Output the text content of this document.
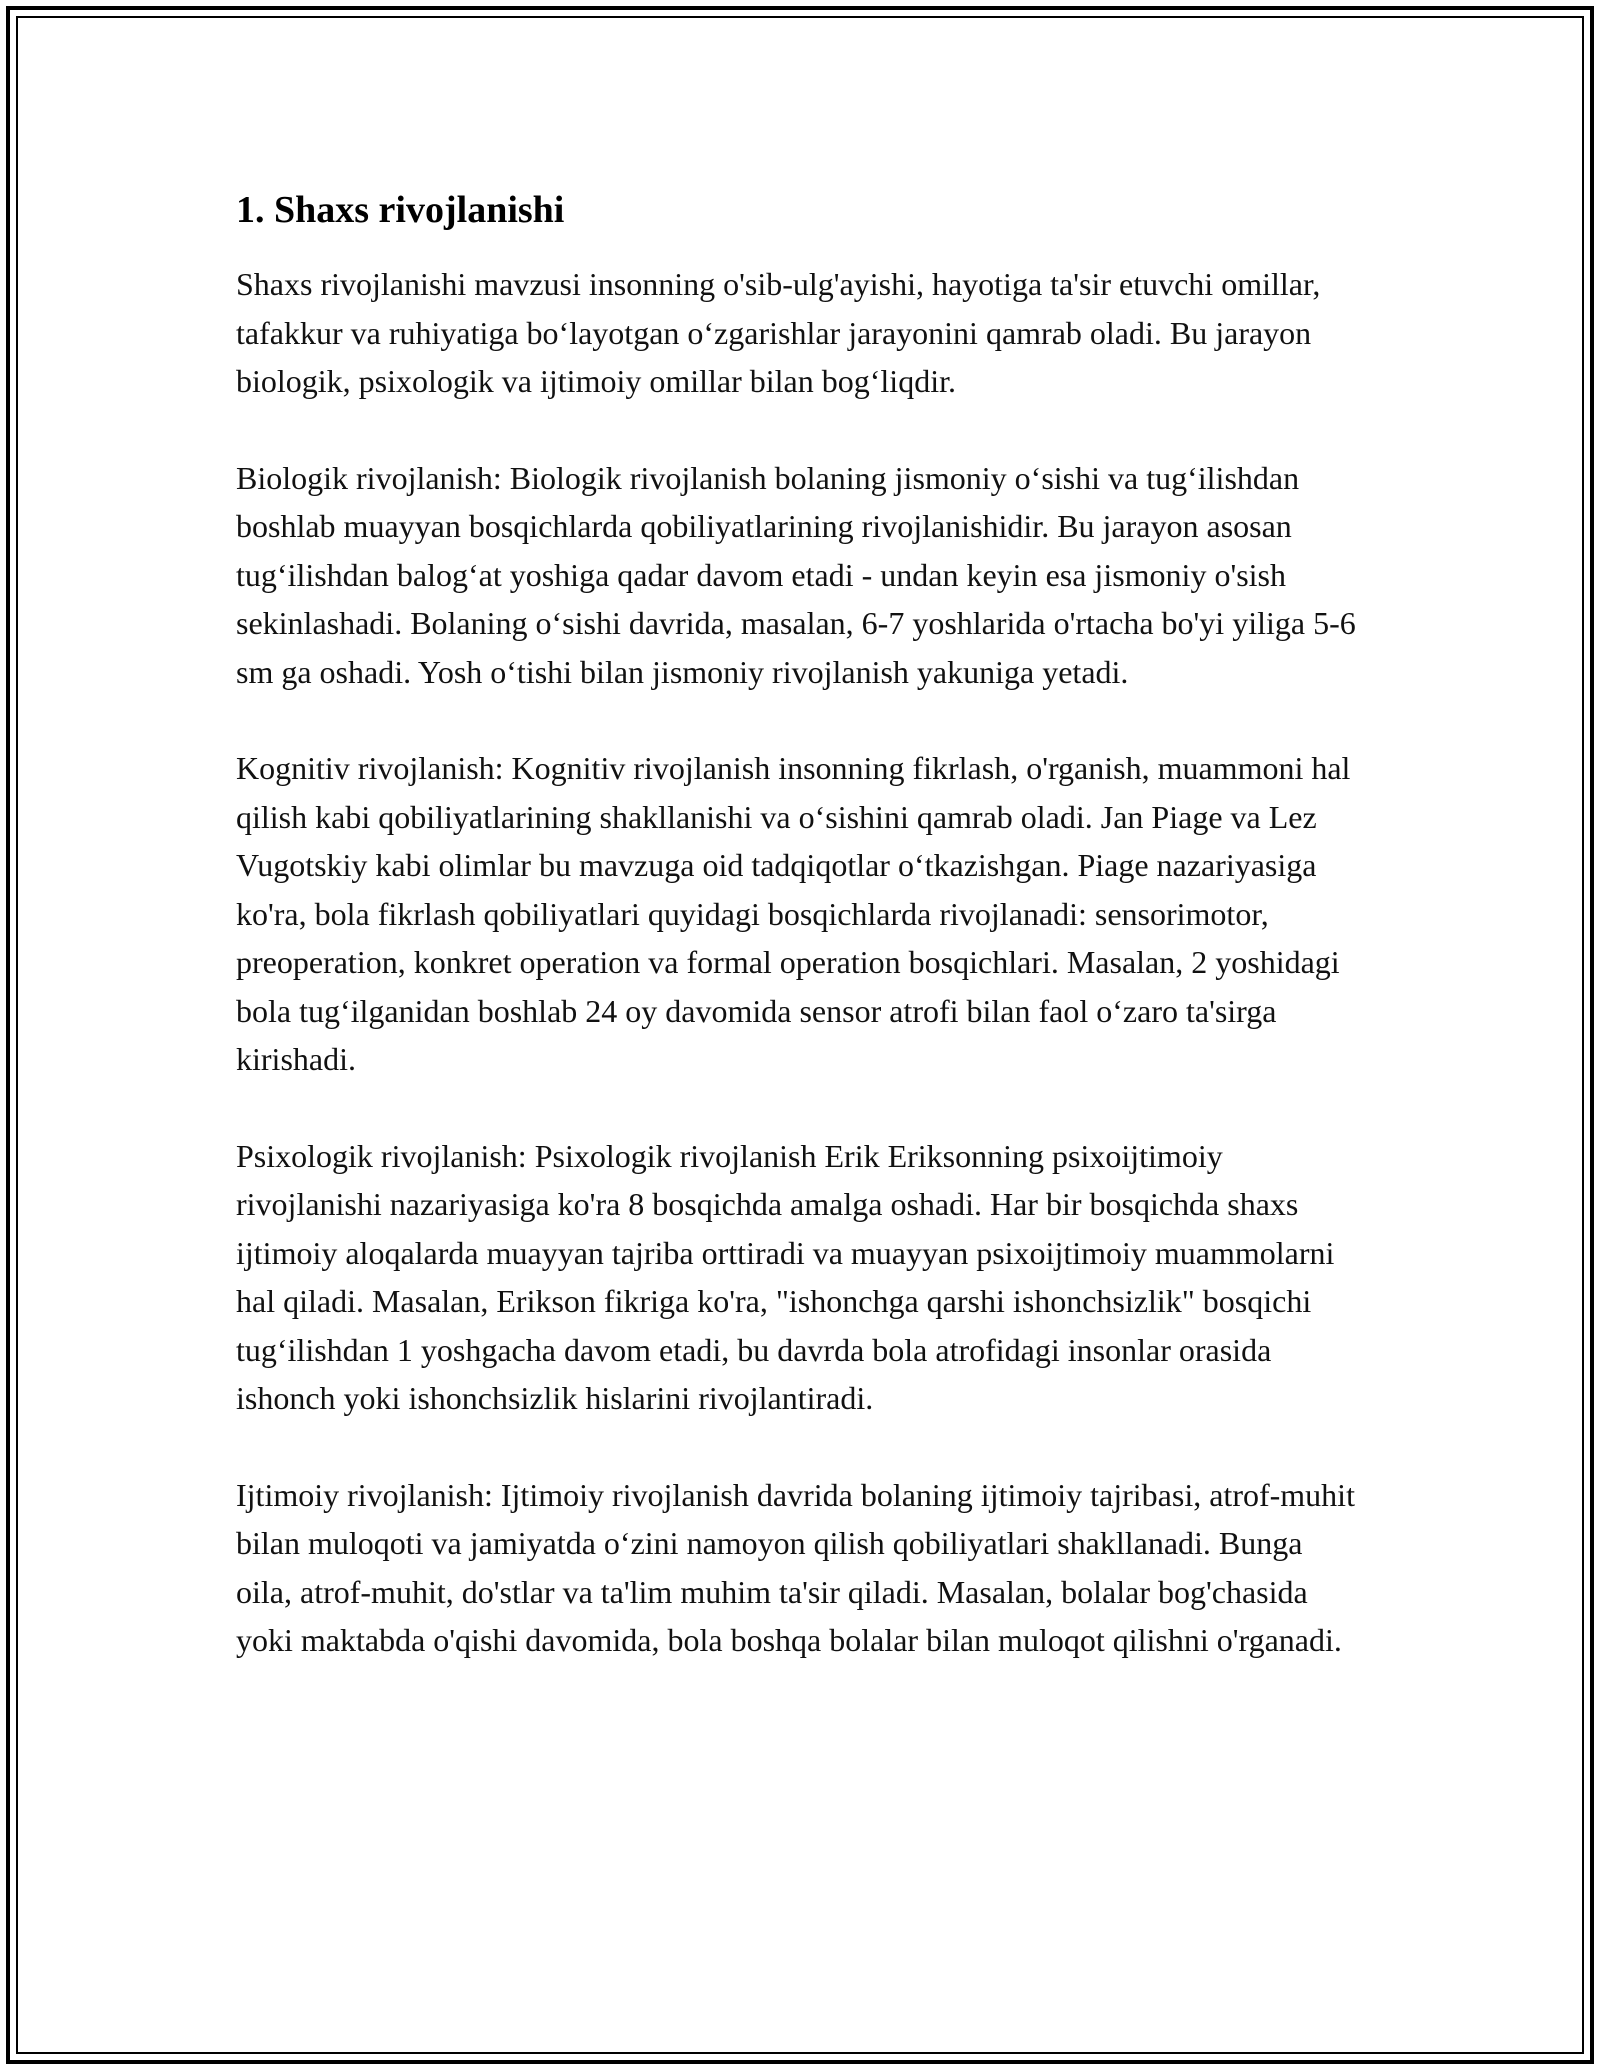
1. Shaxs rivojlanishi

Shaxs rivojlanishi mavzusi insonning o'sib-ulg'ayishi, hayotiga ta'sir etuvchi omillar, tafakkur va ruhiyatiga bo‘layotgan o‘zgarishlar jarayonini qamrab oladi. Bu jarayon biologik, psixologik va ijtimoiy omillar bilan bog‘liqdir.

Biologik rivojlanish: Biologik rivojlanish bolaning jismoniy o‘sishi va tug‘ilishdan boshlab muayyan bosqichlarda qobiliyatlarining rivojlanishidir. Bu jarayon asosan tug‘ilishdan balog‘at yoshiga qadar davom etadi - undan keyin esa jismoniy o'sish sekinlashadi. Bolaning o‘sishi davrida, masalan, 6-7 yoshlarida o'rtacha bo'yi yiliga 5-6 sm ga oshadi. Yosh o‘tishi bilan jismoniy rivojlanish yakuniga yetadi.

Kognitiv rivojlanish: Kognitiv rivojlanish insonning fikrlash, o'rganish, muammoni hal qilish kabi qobiliyatlarining shakllanishi va o‘sishini qamrab oladi. Jan Piage va Lez Vugotskiy kabi olimlar bu mavzuga oid tadqiqotlar o‘tkazishgan. Piage nazariyasiga ko'ra, bola fikrlash qobiliyatlari quyidagi bosqichlarda rivojlanadi: sensorimotor, preoperation, konkret operation va formal operation bosqichlari. Masalan, 2 yoshidagi bola tug‘ilganidan boshlab 24 oy davomida sensor atrofi bilan faol o‘zaro ta'sirga kirishadi.

Psixologik rivojlanish: Psixologik rivojlanish Erik Eriksonning psixoijtimoiy rivojlanishi nazariyasiga ko'ra 8 bosqichda amalga oshadi. Har bir bosqichda shaxs ijtimoiy aloqalarda muayyan tajriba orttiradi va muayyan psixoijtimoiy muammolarni hal qiladi. Masalan, Erikson fikriga ko'ra, "ishonchga qarshi ishonchsizlik" bosqichi tug‘ilishdan 1 yoshgacha davom etadi, bu davrda bola atrofidagi insonlar orasida ishonch yoki ishonchsizlik hislarini rivojlantiradi.

Ijtimoiy rivojlanish: Ijtimoiy rivojlanish davrida bolaning ijtimoiy tajribasi, atrof-muhit bilan muloqoti va jamiyatda o‘zini namoyon qilish qobiliyatlari shakllanadi. Bunga oila, atrof-muhit, do'stlar va ta'lim muhim ta'sir qiladi. Masalan, bolalar bog'chasida yoki maktabda o'qishi davomida, bola boshqa bolalar bilan muloqot qilishni o'rganadi.
